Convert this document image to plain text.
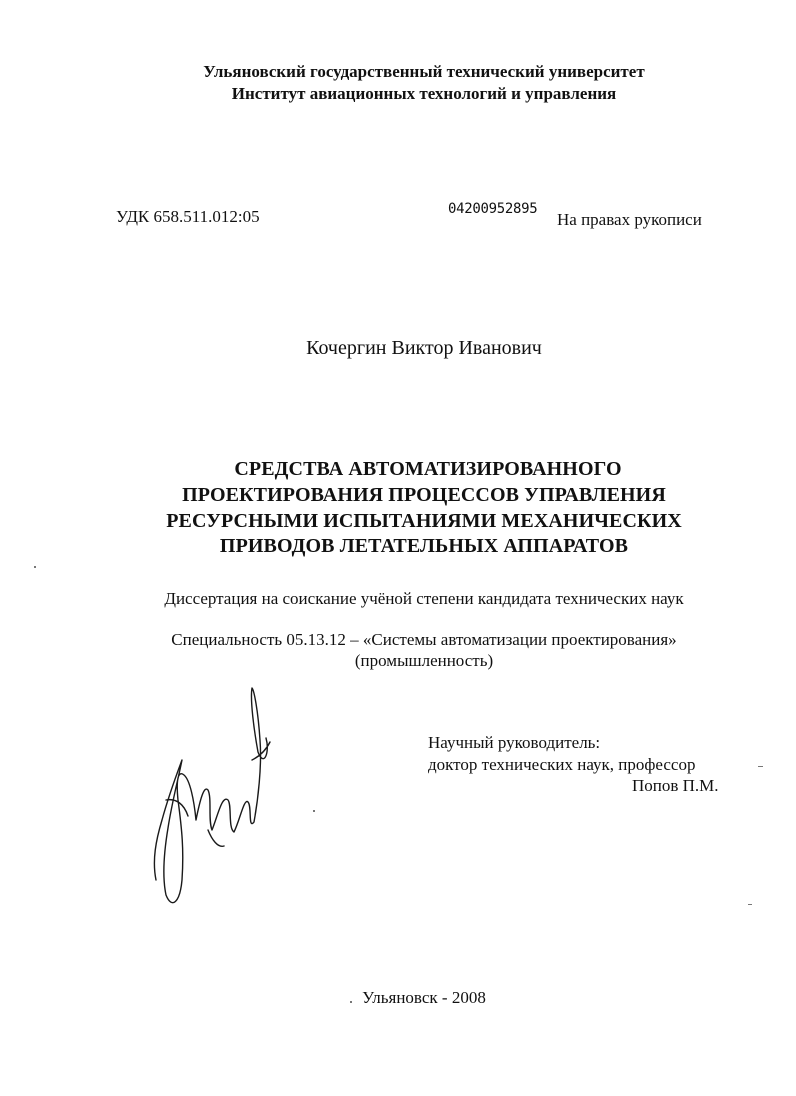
Ульяновский государственный технический университет
Институт авиационных технологий и управления
УДК 658.511.012:05	04200952895
На правах рукописи
Кочергин Виктор Иванович
СРЕДСТВА АВТОМАТИЗИРОВАННОГО
ПРОЕКТИРОВАНИЯ ПРОЦЕССОВ УПРАВЛЕНИЯ
РЕСУРСНЫМИ ИСПЫТАНИЯМИ МЕХАНИЧЕСКИХ
ПРИВОДОВ ЛЕТАТЕЛЬНЫХ АППАРАТОВ
Диссертация на соискание учёной степени кандидата технических наук
Специальность 05.13.12 – «Системы автоматизации проектирования»
(промышленность)
Научный руководитель:
доктор технических наук, профессор
Попов П.М.
Ульяновск - 2008
